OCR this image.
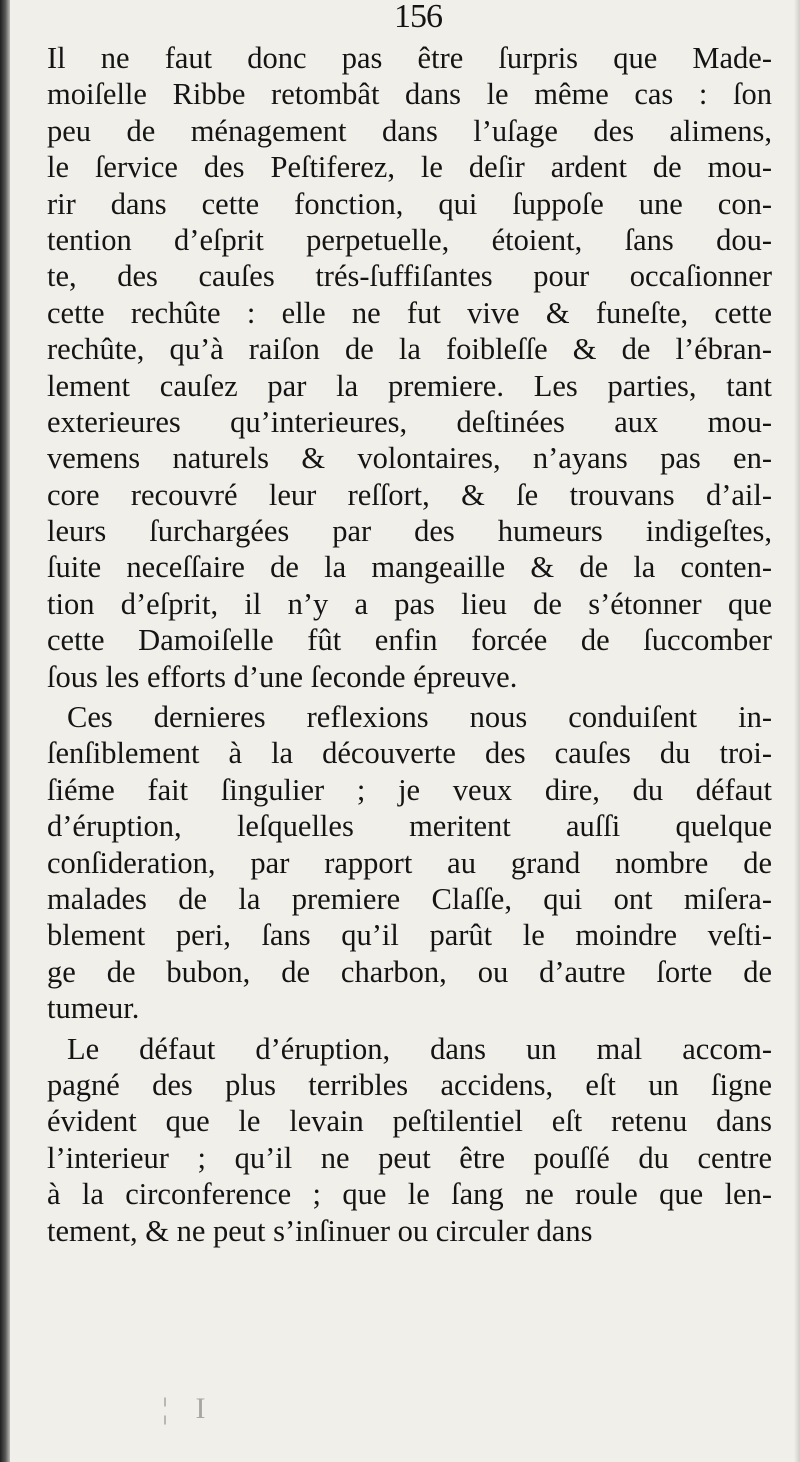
156
Il ne faut donc pas être ſurpris que Made-
moiſelle Ribbe retombât dans le même cas : ſon
peu de ménagement dans l’uſage des alimens,
le ſervice des Peſtiferez, le deſir ardent de mou-
rir dans cette fonction, qui ſuppoſe une con-
tention d’eſprit perpetuelle, étoient, ſans dou-
te, des cauſes trés-ſuffiſantes pour occaſionner
cette rechûte : elle ne fut vive & funeſte, cette
rechûte, qu’à raiſon de la foibleſſe & de l’ébran-
lement cauſez par la premiere. Les parties, tant
exterieures qu’interieures, deſtinées aux mou-
vemens naturels & volontaires, n’ayans pas en-
core recouvré leur reſſort, & ſe trouvans d’ail-
leurs ſurchargées par des humeurs indigeſtes,
ſuite neceſſaire de la mangeaille & de la conten-
tion d’eſprit, il n’y a pas lieu de s’étonner que
cette Damoiſelle fût enfin forcée de ſuccomber
ſous les efforts d’une ſeconde épreuve.
Ces dernieres reflexions nous conduiſent in-
ſenſiblement à la découverte des cauſes du troi-
ſiéme fait ſingulier ; je veux dire, du défaut
d’éruption, leſquelles meritent auſſi quelque
conſideration, par rapport au grand nombre de
malades de la premiere Claſſe, qui ont miſera-
blement peri, ſans qu’il parût le moindre veſti-
ge de bubon, de charbon, ou d’autre ſorte de
tumeur.
Le défaut d’éruption, dans un mal accom-
pagné des plus terribles accidens, eſt un ſigne
évident que le levain peſtilentiel eſt retenu dans
l’interieur ; qu’il ne peut être pouſſé du centre
à la circonference ; que le ſang ne roule que len-
tement, & ne peut s’inſinuer ou circuler dans
¦ I
